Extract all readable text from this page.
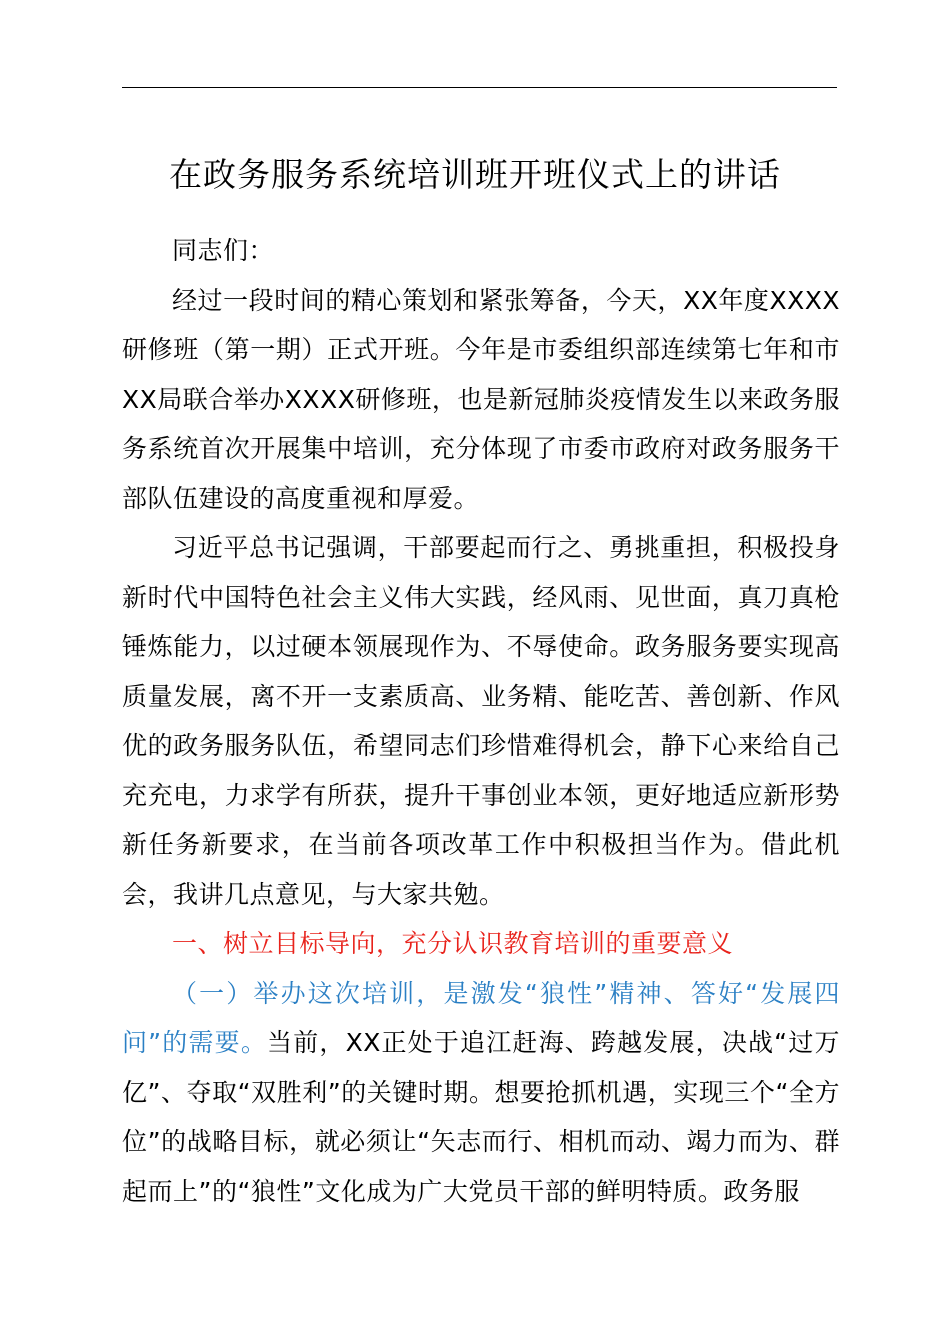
在政务服务系统培训班开班仪式上的讲话

同志们：

经过一段时间的精心策划和紧张筹备，今天，XX年度XXXX研修班（第一期）正式开班。今年是市委组织部连续第七年和市XX局联合举办XXXX研修班，也是新冠肺炎疫情发生以来政务服务系统首次开展集中培训，充分体现了市委市政府对政务服务干部队伍建设的高度重视和厚爱。

习近平总书记强调，干部要起而行之、勇挑重担，积极投身新时代中国特色社会主义伟大实践，经风雨、见世面，真刀真枪锤炼能力，以过硬本领展现作为、不辱使命。政务服务要实现高质量发展，离不开一支素质高、业务精、能吃苦、善创新、作风优的政务服务队伍，希望同志们珍惜难得机会，静下心来给自己充充电，力求学有所获，提升干事创业本领，更好地适应新形势新任务新要求，在当前各项改革工作中积极担当作为。借此机会，我讲几点意见，与大家共勉。

一、树立目标导向，充分认识教育培训的重要意义

（一）举办这次培训，是激发“狼性”精神、答好“发展四问”的需要。当前，XX正处于追江赶海、跨越发展，决战“过万亿”、夺取“双胜利”的关键时期。想要抢抓机遇，实现三个“全方位”的战略目标，就必须让“矢志而行、相机而动、竭力而为、群起而上”的“狼性”文化成为广大党员干部的鲜明特质。政务服
